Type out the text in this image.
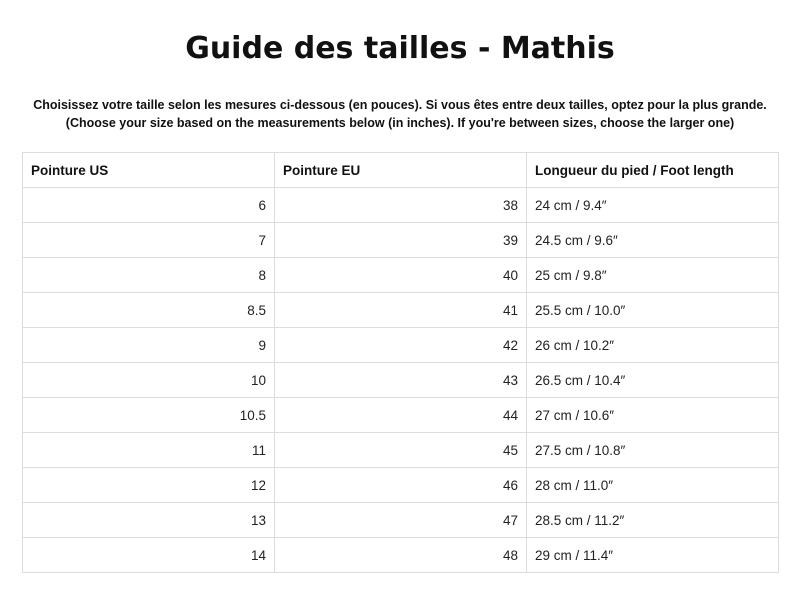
Guide des tailles - Mathis
Choisissez votre taille selon les mesures ci-dessous (en pouces). Si vous êtes entre deux tailles, optez pour la plus grande.
(Choose your size based on the measurements below (in inches). If you're between sizes, choose the larger one)
Pointure US	Pointure EU	Longueur du pied / Foot length
6	38	24 cm / 9.4″
7	39	24.5 cm / 9.6″
8	40	25 cm / 9.8″
8.5	41	25.5 cm / 10.0″
9	42	26 cm / 10.2″
10	43	26.5 cm / 10.4″
10.5	44	27 cm / 10.6″
11	45	27.5 cm / 10.8″
12	46	28 cm / 11.0″
13	47	28.5 cm / 11.2″
14	48	29 cm / 11.4″
